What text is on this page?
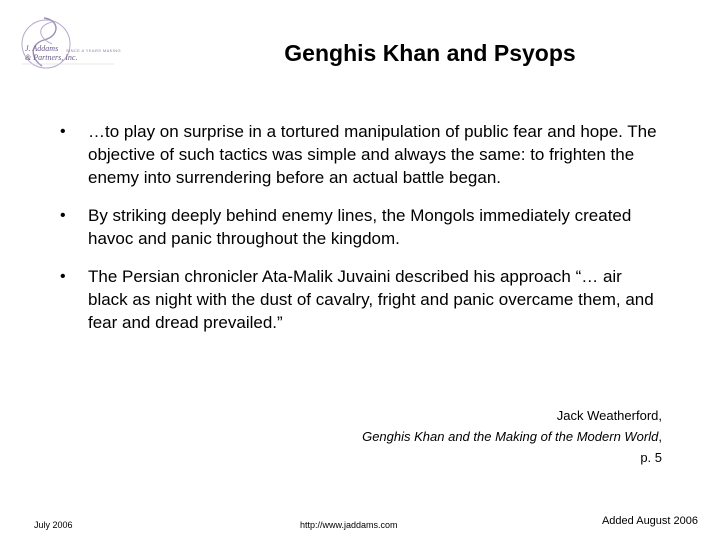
J. Addams
& Partners, Inc.
SINCE A YEARS MAKING	Genghis Khan and Psyops
• …to play on surprise in a tortured manipulation of public fear and hope. The objective of such tactics was simple and always the same: to frighten the enemy into surrendering before an actual battle began.
• By striking deeply behind enemy lines, the Mongols immediately created havoc and panic throughout the kingdom.
• The Persian chronicler Ata-Malik Juvaini described his approach “… air black as night with the dust of cavalry, fright and panic overcame them, and fear and dread prevailed.”
Jack Weatherford,
Genghis Khan and the Making of the Modern World,
p. 5
July 2006	http://www.jaddams.com	Added August 2006
